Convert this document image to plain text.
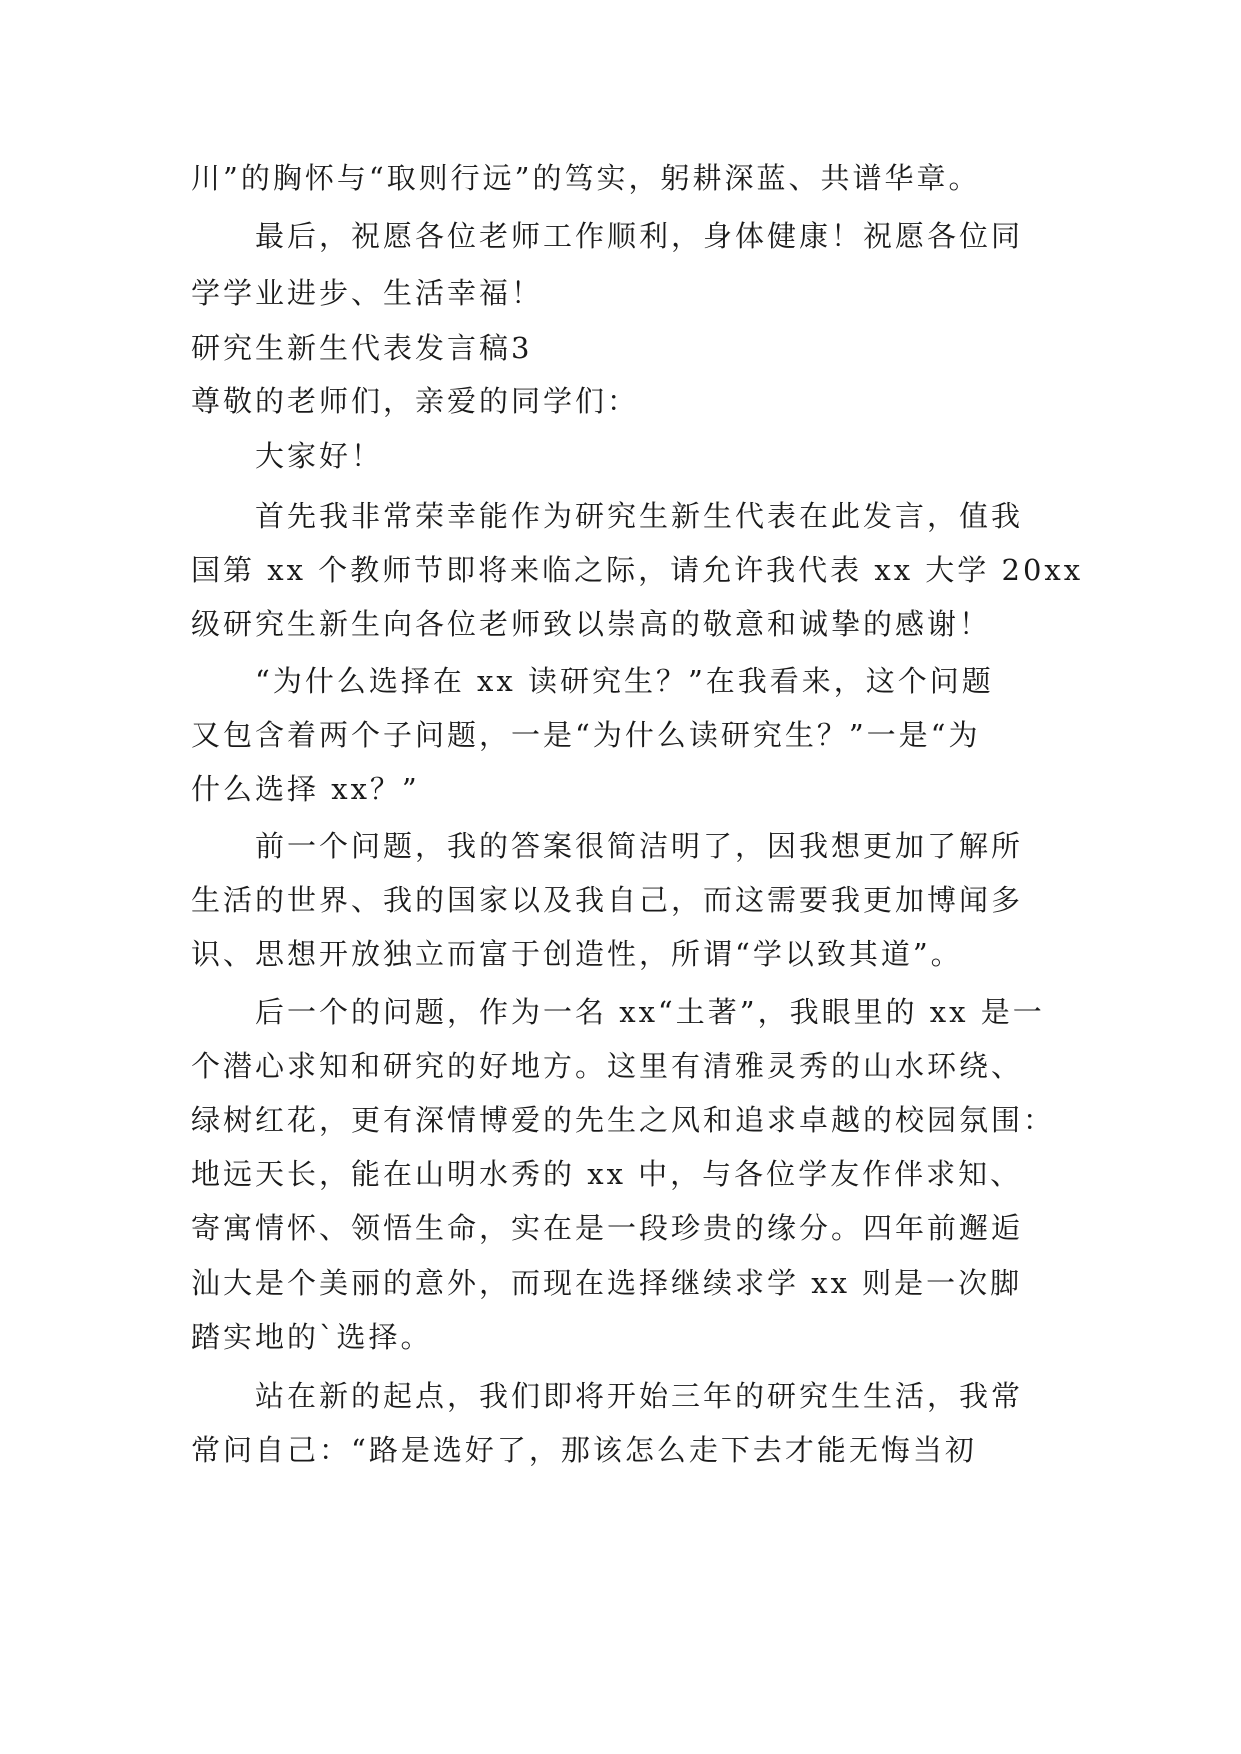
川”的胸怀与“取则行远”的笃实，躬耕深蓝、共谱华章。
最后，祝愿各位老师工作顺利，身体健康！祝愿各位同
学学业进步、生活幸福！
研究生新生代表发言稿3
尊敬的老师们，亲爱的同学们：
大家好！
首先我非常荣幸能作为研究生新生代表在此发言，值我
国第 xx 个教师节即将来临之际，请允许我代表 xx 大学 20xx
级研究生新生向各位老师致以崇高的敬意和诚挚的感谢！
“为什么选择在 xx 读研究生？”在我看来，这个问题
又包含着两个子问题，一是“为什么读研究生？”一是“为
什么选择 xx？”
前一个问题，我的答案很简洁明了，因我想更加了解所
生活的世界、我的国家以及我自己，而这需要我更加博闻多
识、思想开放独立而富于创造性，所谓“学以致其道”。
后一个的问题，作为一名 xx“土著”，我眼里的 xx 是一
个潜心求知和研究的好地方。这里有清雅灵秀的山水环绕、
绿树红花，更有深情博爱的先生之风和追求卓越的校园氛围：
地远天长，能在山明水秀的 xx 中，与各位学友作伴求知、
寄寓情怀、领悟生命，实在是一段珍贵的缘分。四年前邂逅
汕大是个美丽的意外，而现在选择继续求学 xx 则是一次脚
踏实地的`选择。
站在新的起点，我们即将开始三年的研究生生活，我常
常问自己：“路是选好了，那该怎么走下去才能无悔当初
